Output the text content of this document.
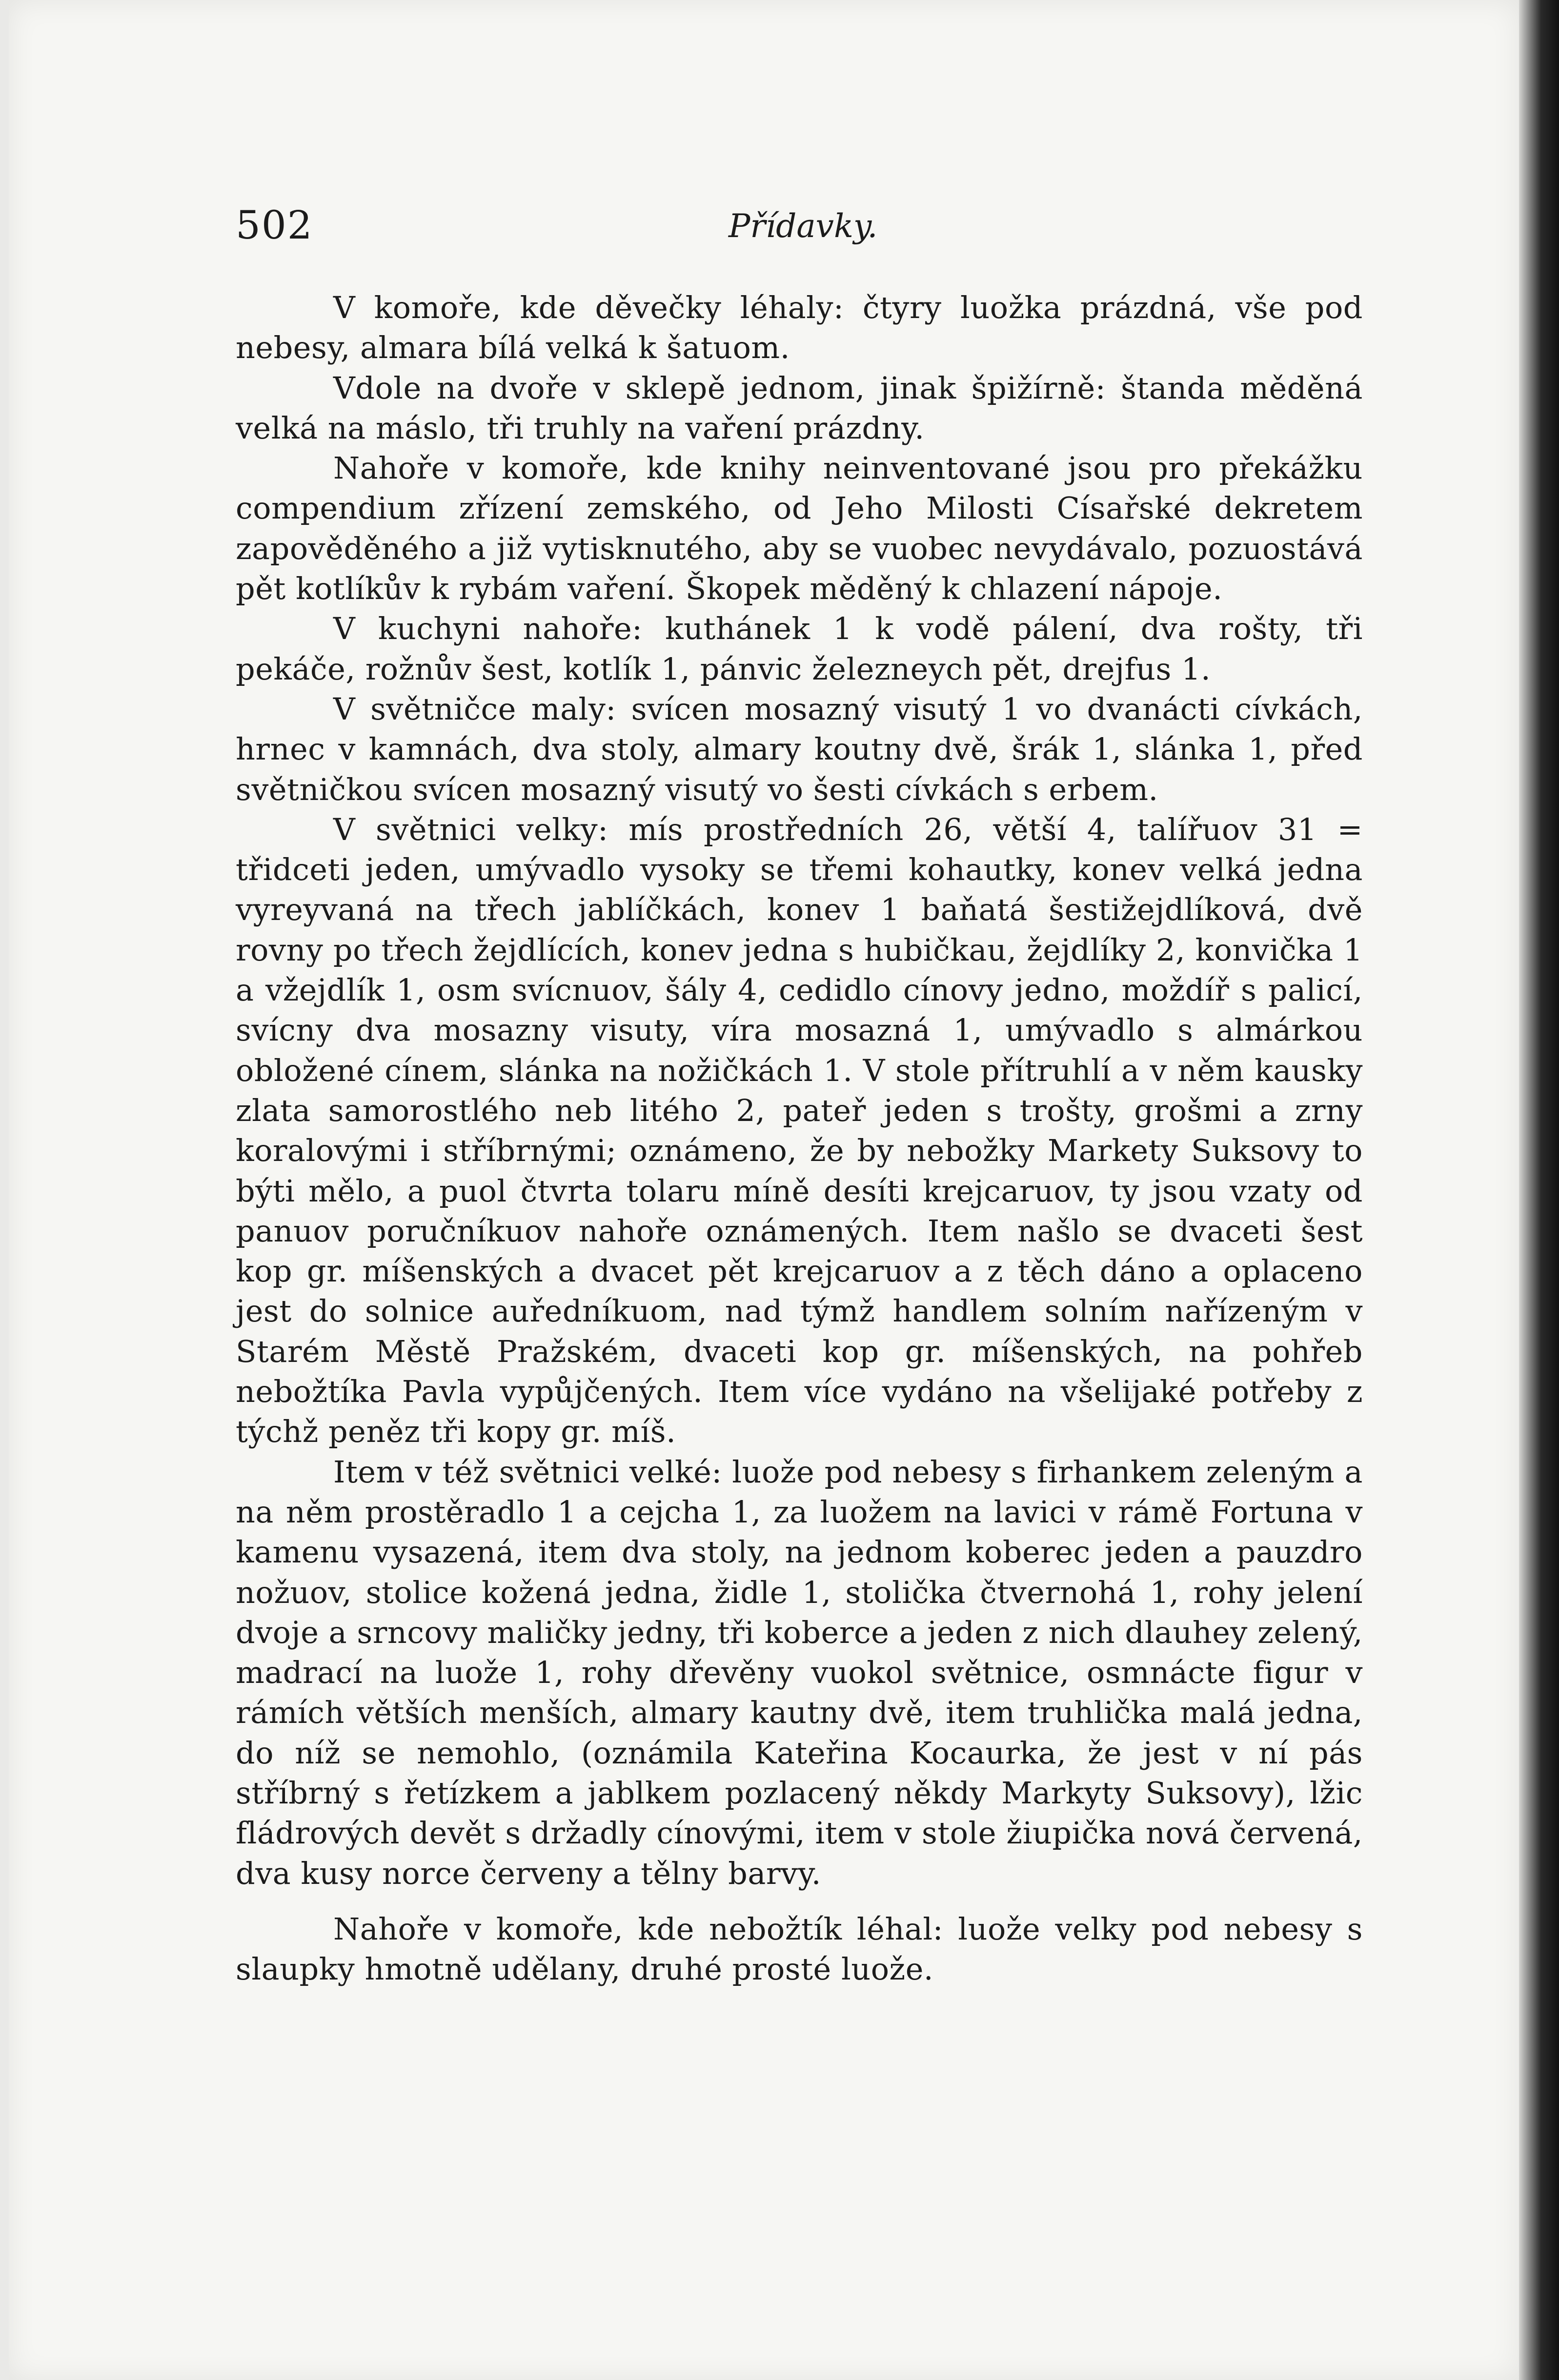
502	Přídavky.

V komoře, kde děvečky léhaly: čtyry luožka prázdná, vše pod nebesy, almara bílá velká k šatuom.

Vdole na dvoře v sklepě jednom, jinak špižírně: štanda měděná velká na máslo, tři truhly na vaření prázdny.

Nahoře v komoře, kde knihy neinventované jsou pro překážku compendium zřízení zemského, od Jeho Milosti Císařské dekretem zapověděného a již vytisknutého, aby se vuobec nevydávalo, pozuostává pět kotlíkův k rybám vaření. Škopek měděný k chlazení nápoje.

V kuchyni nahoře: kuthánek 1 k vodě pálení, dva rošty, tři pekáče, rožnův šest, kotlík 1, pánvic železneych pět, drejfus 1.

V světničce maly: svícen mosazný visutý 1 vo dvanácti cívkách, hrnec v kamnách, dva stoly, almary koutny dvě, šrák 1, slánka 1, před světničkou svícen mosazný visutý vo šesti cívkách s erbem.

V světnici velky: mís prostředních 26, větší 4, talířuov 31 = třidceti jeden, umývadlo vysoky se třemi kohautky, konev velká jedna vyreyvaná na třech jablíčkách, konev 1 baňatá šestižejdlíková, dvě rovny po třech žejdlících, konev jedna s hubičkau, žejdlíky 2, konvička 1 a vžejdlík 1, osm svícnuov, šály 4, cedidlo cínovy jedno, moždíř s palicí, svícny dva mosazny visuty, víra mosazná 1, umývadlo s almárkou obložené cínem, slánka na nožičkách 1. V stole přítruhlí a v něm kausky zlata samorostlého neb litého 2, pateř jeden s trošty, grošmi a zrny koralovými i stříbrnými; oznámeno, že by nebožky Markety Suksovy to býti mělo, a puol čtvrta tolaru míně desíti krejcaruov, ty jsou vzaty od panuov poručníkuov nahoře oznámených. Item našlo se dvaceti šest kop gr. míšenských a dvacet pět krejcaruov a z těch dáno a oplaceno jest do solnice auředníkuom, nad týmž handlem solním nařízeným v Starém Městě Pražském, dvaceti kop gr. míšenských, na pohřeb nebožtíka Pavla vypůjčených. Item více vydáno na všelijaké potřeby z týchž peněz tři kopy gr. míš.

Item v též světnici velké: luože pod nebesy s firhankem zeleným a na něm prostěradlo 1 a cejcha 1, za luožem na lavici v rámě Fortuna v kamenu vysazená, item dva stoly, na jednom koberec jeden a pauzdro nožuov, stolice kožená jedna, židle 1, stolička čtvernohá 1, rohy jelení dvoje a srncovy maličky jedny, tři koberce a jeden z nich dlauhey zelený, madrací na luože 1, rohy dřevěny vuokol světnice, osmnácte figur v rámích větších menších, almary kautny dvě, item truhlička malá jedna, do níž se nemohlo, (oznámila Kateřina Kocaurka, že jest v ní pás stříbrný s řetízkem a jablkem pozlacený někdy Markyty Suksovy), lžic fládrových devět s držadly cínovými, item v stole žiupička nová červená, dva kusy norce červeny a tělny barvy.

Nahoře v komoře, kde nebožtík léhal: luože velky pod nebesy s slaupky hmotně udělany, druhé prosté luože.
